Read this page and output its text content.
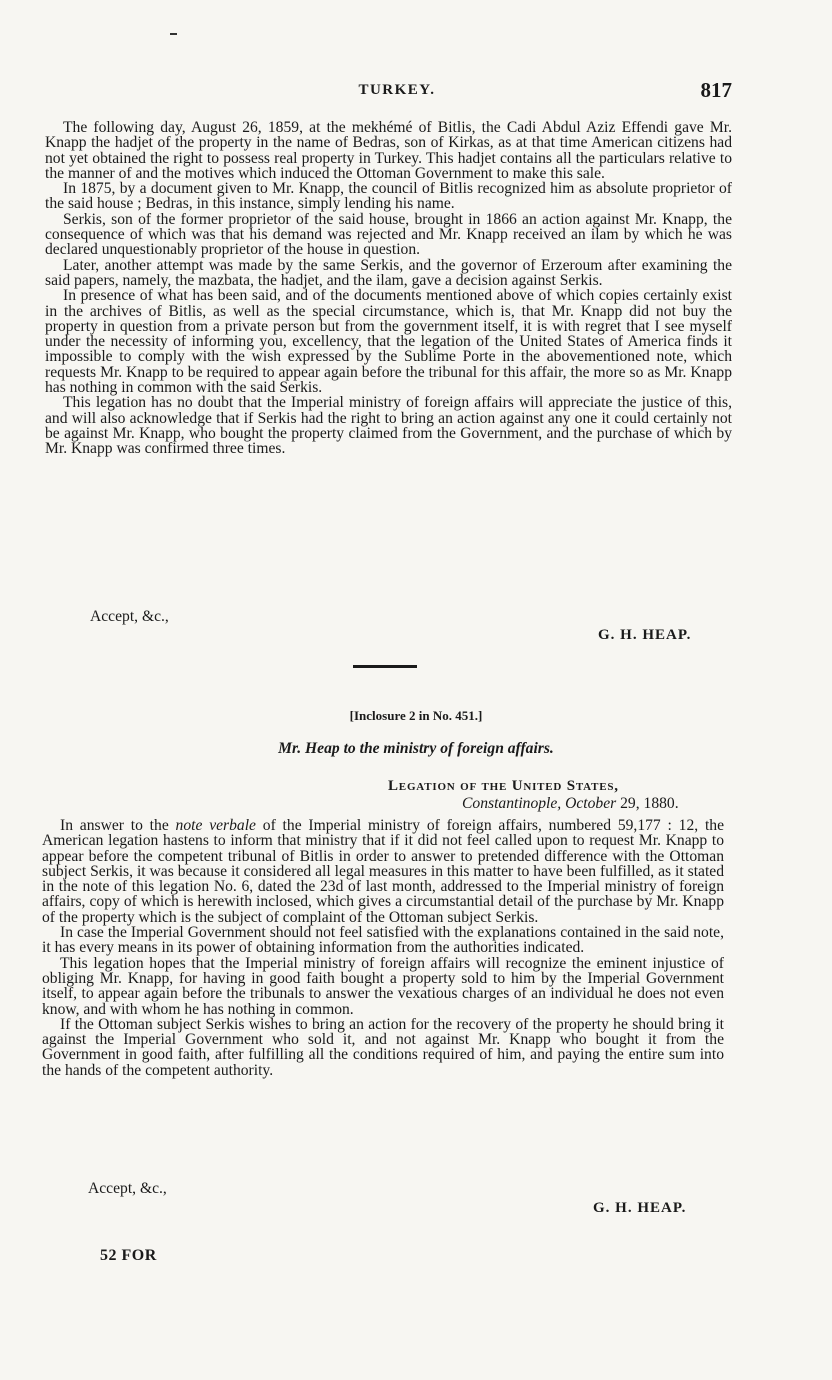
TURKEY.	817

The following day, August 26, 1859, at the mekhémé of Bitlis, the Cadi Abdul Aziz Effendi gave Mr. Knapp the hadjet of the property in the name of Bedras, son of Kirkas, as at that time American citizens had not yet obtained the right to possess real property in Turkey. This hadjet contains all the particulars relative to the manner of and the motives which induced the Ottoman Government to make this sale.

In 1875, by a document given to Mr. Knapp, the council of Bitlis recognized him as absolute proprietor of the said house ; Bedras, in this instance, simply lending his name.

Serkis, son of the former proprietor of the said house, brought in 1866 an action against Mr. Knapp, the consequence of which was that his demand was rejected and Mr. Knapp received an ilam by which he was declared unquestionably proprietor of the house in question.

Later, another attempt was made by the same Serkis, and the governor of Erzeroum after examining the said papers, namely, the mazbata, the hadjet, and the ilam, gave a decision against Serkis.

In presence of what has been said, and of the documents mentioned above of which copies certainly exist in the archives of Bitlis, as well as the special circumstance, which is, that Mr. Knapp did not buy the property in question from a private person but from the government itself, it is with regret that I see myself under the necessity of informing you, excellency, that the legation of the United States of America finds it impossible to comply with the wish expressed by the Sublime Porte in the abovementioned note, which requests Mr. Knapp to be required to appear again before the tribunal for this affair, the more so as Mr. Knapp has nothing in common with the said Serkis.

This legation has no doubt that the Imperial ministry of foreign affairs will appreciate the justice of this, and will also acknowledge that if Serkis had the right to bring an action against any one it could certainly not be against Mr. Knapp, who bought the property claimed from the Government, and the purchase of which by Mr. Knapp was confirmed three times.

Accept, &c.,
G. H. HEAP.
[Inclosure 2 in No. 451.]
Mr. Heap to the ministry of foreign affairs.
Legation of the United States,
Constantinople, October 29, 1880.

In answer to the note verbale of the Imperial ministry of foreign affairs, numbered 59,177 : 12, the American legation hastens to inform that ministry that if it did not feel called upon to request Mr. Knapp to appear before the competent tribunal of Bitlis in order to answer to pretended difference with the Ottoman subject Serkis, it was because it considered all legal measures in this matter to have been fulfilled, as it stated in the note of this legation No. 6, dated the 23d of last month, addressed to the Imperial ministry of foreign affairs, copy of which is herewith inclosed, which gives a circumstantial detail of the purchase by Mr. Knapp of the property which is the subject of complaint of the Ottoman subject Serkis.

In case the Imperial Government should not feel satisfied with the explanations contained in the said note, it has every means in its power of obtaining information from the authorities indicated.

This legation hopes that the Imperial ministry of foreign affairs will recognize the eminent injustice of obliging Mr. Knapp, for having in good faith bought a property sold to him by the Imperial Government itself, to appear again before the tribunals to answer the vexatious charges of an individual he does not even know, and with whom he has nothing in common.

If the Ottoman subject Serkis wishes to bring an action for the recovery of the property he should bring it against the Imperial Government who sold it, and not against Mr. Knapp who bought it from the Government in good faith, after fulfilling all the conditions required of him, and paying the entire sum into the hands of the competent authority.

Accept, &c.,
G. H. HEAP.
52 FOR
